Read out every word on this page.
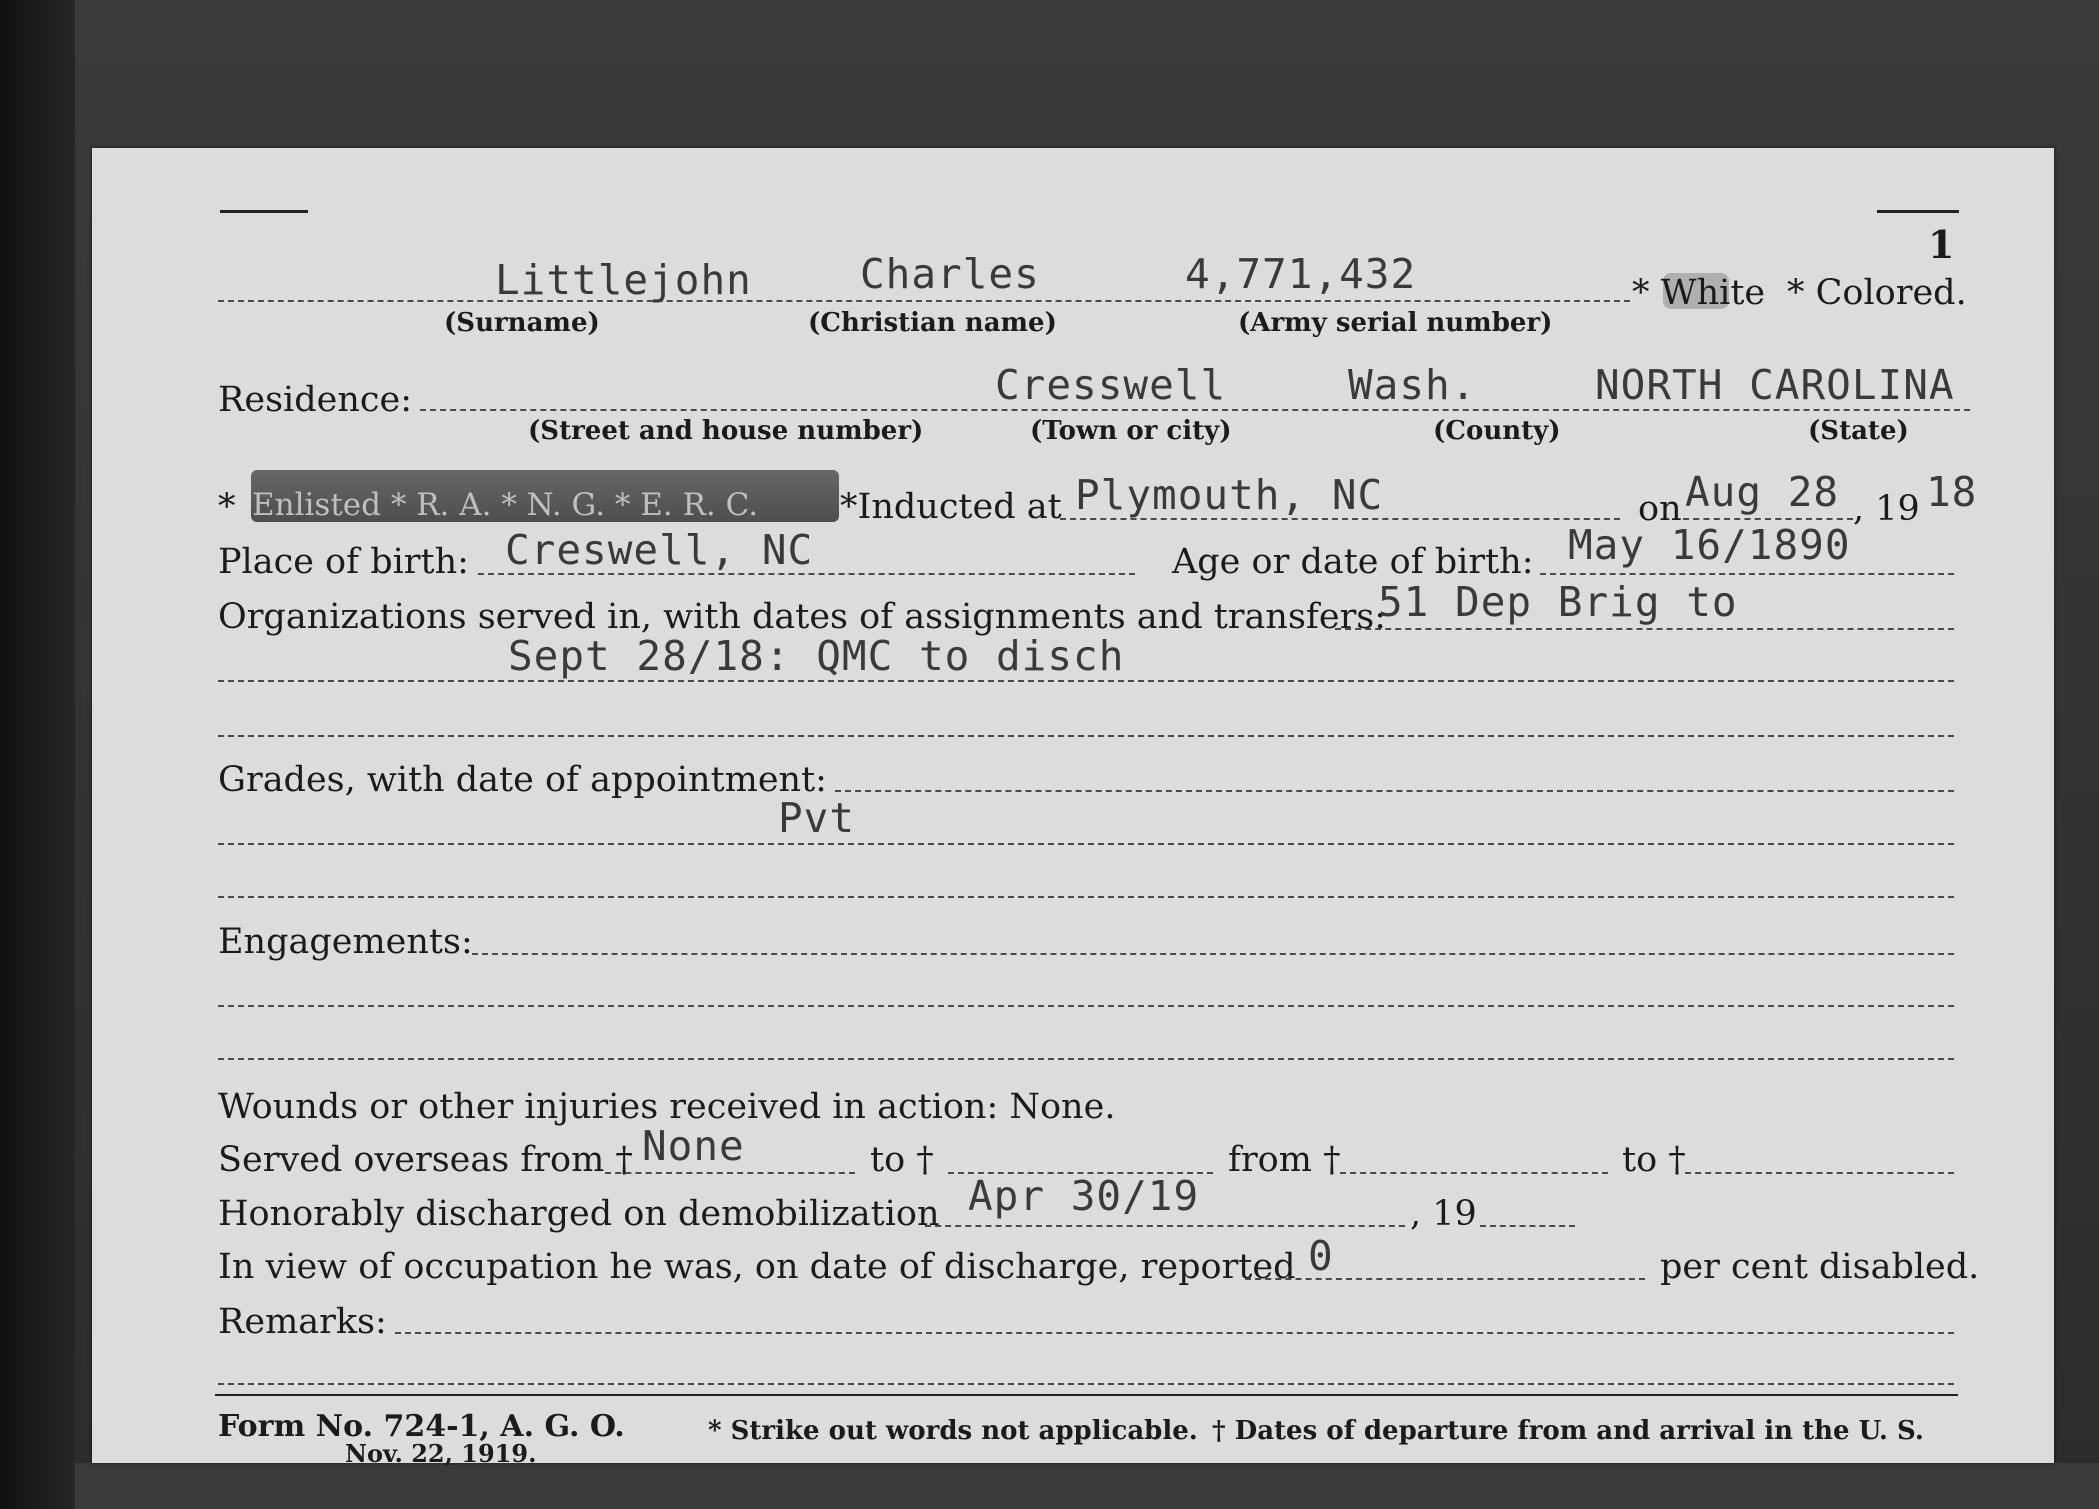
1
Littlejohn	Charles	4,771,432	* White * Colored.
(Surname)	(Christian name)	(Army serial number)
Residence:	Cresswell	Wash.	NORTH CAROLINA
(Street and house number)	(Town or city)	(County)	(State)
* Enlisted * R. A. * N. G. * E. R. C. *Inducted at Plymouth, NC	on Aug 28 , 19 18
Place of birth: Creswell, NC	Age or date of birth: May 16/1890
Organizations served in, with dates of assignments and transfers:
51 Dep Brig to
Sept 28/18: QMC to disch
Grades, with date of appointment:
Pvt
Engagements:
Wounds or other injuries received in action: None.
Served overseas from † None	to †	from †	to †
Honorably discharged on demobilization Apr 30/19	, 19
In view of occupation he was, on date of discharge, reported 0	per cent disabled.
Remarks:
Form No. 724-1, A. G. O.
Nov. 22, 1919.
* Strike out words not applicable. † Dates of departure from and arrival in the U. S.
